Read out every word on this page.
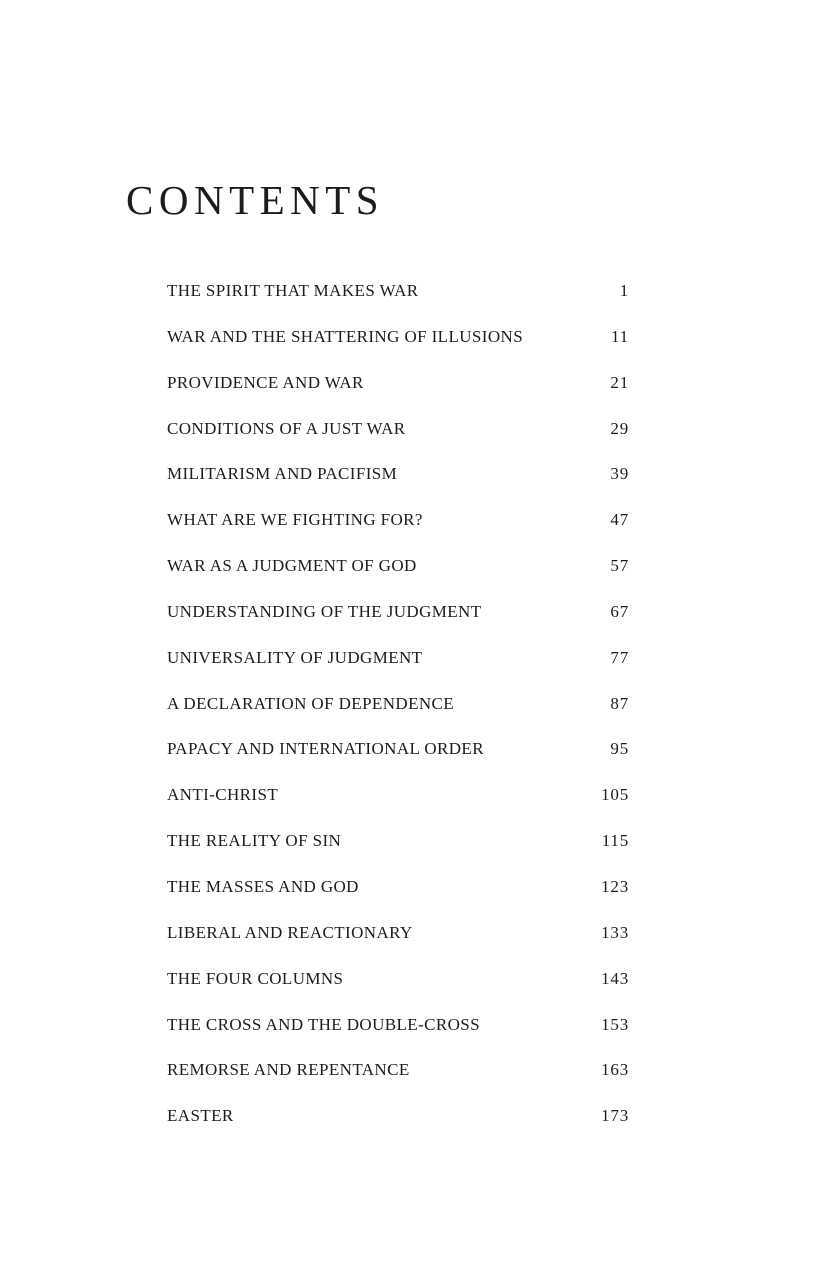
CONTENTS
THE SPIRIT THAT MAKES WAR	1
WAR AND THE SHATTERING OF ILLUSIONS	11
PROVIDENCE AND WAR	21
CONDITIONS OF A JUST WAR	29
MILITARISM AND PACIFISM	39
WHAT ARE WE FIGHTING FOR?	47
WAR AS A JUDGMENT OF GOD	57
UNDERSTANDING OF THE JUDGMENT	67
UNIVERSALITY OF JUDGMENT	77
A DECLARATION OF DEPENDENCE	87
PAPACY AND INTERNATIONAL ORDER	95
ANTI-CHRIST	105
THE REALITY OF SIN	115
THE MASSES AND GOD	123
LIBERAL AND REACTIONARY	133
THE FOUR COLUMNS	143
THE CROSS AND THE DOUBLE-CROSS	153
REMORSE AND REPENTANCE	163
EASTER	173
